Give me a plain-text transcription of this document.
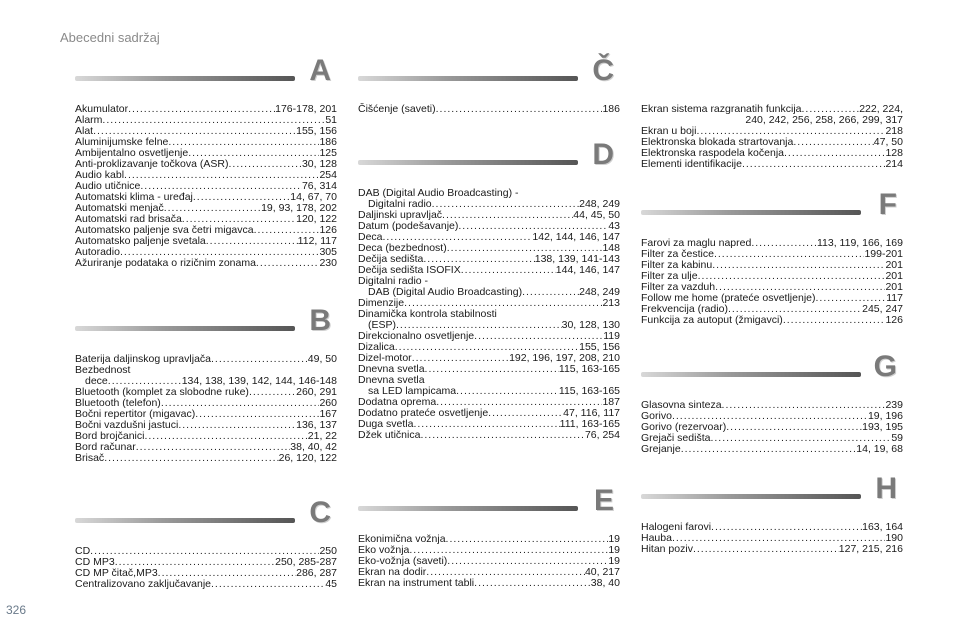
Abecedni sadržaj
A
Akumulator .....	176-178, 201
Alarm .....	51
Alat .....	155, 156
Aluminijumske felne .....	186
Ambijentalno osvetljenje .....	125
Anti-proklizavanje točkova (ASR) .....	30, 128
Audio kabl .....	254
Audio utičnice .....	76, 314
Automatski klima - uređaj .....	14, 67, 70
Automatski menjač .....	19, 93, 178, 202
Automatski rad brisača .....	120, 122
Automatsko paljenje sva četri migavca .....	126
Automatsko paljenje svetala .....	112, 117
Autoradio .....	305
Ažuriranje podataka o rizičnim zonama .....	230
B
Baterija daljinskog upravljača .....	49, 50
Bezbednost
dece .....	134, 138, 139, 142, 144, 146-148
Bluetooth (komplet za slobodne ruke) .....	260, 291
Bluetooth (telefon) .....	260
Bočni repertitor (migavac) .....	167
Bočni vazdušni jastuci .....	136, 137
Bord brojčanici .....	21, 22
Bord računar .....	38, 40, 42
Brisač .....	26, 120, 122
C
CD .....	250
CD MP3 .....	250, 285-287
CD MP čitač,MP3 .....	286, 287
Centralizovano zaključavanje .....	45
Č
Čišćenje (saveti) .....	186
D
DAB (Digital Audio Broadcasting) -
Digitalni radio .....	248, 249
Daljinski upravljač .....	44, 45, 50
Datum (podešavanje) .....	43
Deca .....	142, 144, 146, 147
Deca (bezbednost) .....	148
Dečija sedišta .....	138, 139, 141-143
Dečija sedišta ISOFIX .....	144, 146, 147
Digitalni radio -
DAB (Digital Audio Broadcasting) .....	248, 249
Dimenzije .....	213
Dinamička kontrola stabilnosti
(ESP) .....	30, 128, 130
Direkcionalno osvetljenje .....	119
Dizalica .....	155, 156
Dizel-motor .....	192, 196, 197, 208, 210
Dnevna svetla .....	115, 163-165
Dnevna svetla
sa LED lampicama .....	115, 163-165
Dodatna oprema .....	187
Dodatno prateće osvetljenje .....	47, 116, 117
Duga svetla .....	111, 163-165
Džek utičnica .....	76, 254
E
Ekonimična vožnja .....	19
Eko vožnja .....	19
Eko-vožnja (saveti) .....	19
Ekran na dodir .....	40, 217
Ekran na instrument tabli .....	38, 40
Ekran sistema razgranatih funkcija .....	222, 224,
240, 242, 256, 258, 266, 299, 317
Ekran u boji .....	218
Elektronska blokada strartovanja .....	47, 50
Elektronska raspodela kočenja .....	128
Elementi identifikacije .....	214
F
Farovi za maglu napred .....	113, 119, 166, 169
Filter za čestice .....	199-201
Filter za kabinu .....	201
Filter za ulje .....	201
Filter za vazduh .....	201
Follow me home (prateće osvetljenje) .....	117
Frekvencija (radio) .....	245, 247
Funkcija za autoput (žmigavci) .....	126
G
Glasovna sinteza .....	239
Gorivo .....	19, 196
Gorivo (rezervoar) .....	193, 195
Grejači sedišta .....	59
Grejanje .....	14, 19, 68
H
Halogeni farovi .....	163, 164
Hauba .....	190
Hitan poziv .....	127, 215, 216
326
